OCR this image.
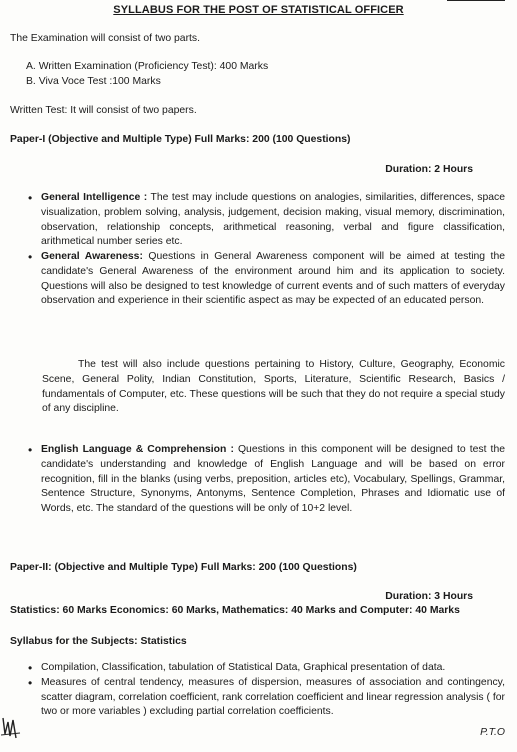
SYLLABUS FOR THE POST OF STATISTICAL OFFICER
The Examination will consist of two parts.
A. Written Examination (Proficiency Test): 400 Marks
B. Viva Voce Test :100 Marks
Written Test: It will consist of two papers.
Paper-I (Objective and Multiple Type) Full Marks: 200 (100 Questions)
Duration: 2 Hours
• General Intelligence : The test may include questions on analogies, similarities, differences, space visualization, problem solving, analysis, judgement, decision making, visual memory, discrimination, observation, relationship concepts, arithmetical reasoning, verbal and figure classification, arithmetical number series etc.
• General Awareness: Questions in General Awareness component will be aimed at testing the candidate's General Awareness of the environment around him and its application to society. Questions will also be designed to test knowledge of current events and of such matters of everyday observation and experience in their scientific aspect as may be expected of an educated person.
The test will also include questions pertaining to History, Culture, Geography, Economic Scene, General Polity, Indian Constitution, Sports, Literature, Scientific Research, Basics / fundamentals of Computer, etc. These questions will be such that they do not require a special study of any discipline.
• English Language & Comprehension : Questions in this component will be designed to test the candidate's understanding and knowledge of English Language and will be based on error recognition, fill in the blanks (using verbs, preposition, articles etc), Vocabulary, Spellings, Grammar, Sentence Structure, Synonyms, Antonyms, Sentence Completion, Phrases and Idiomatic use of Words, etc. The standard of the questions will be only of 10+2 level.
Paper-II: (Objective and Multiple Type) Full Marks: 200 (100 Questions)
Duration: 3 Hours
Statistics: 60 Marks Economics: 60 Marks, Mathematics: 40 Marks and Computer: 40 Marks
Syllabus for the Subjects: Statistics
• Compilation, Classification, tabulation of Statistical Data, Graphical presentation of data.
• Measures of central tendency, measures of dispersion, measures of association and contingency, scatter diagram, correlation coefficient, rank correlation coefficient and linear regression analysis ( for two or more variables ) excluding partial correlation coefficients.
P.T.O
